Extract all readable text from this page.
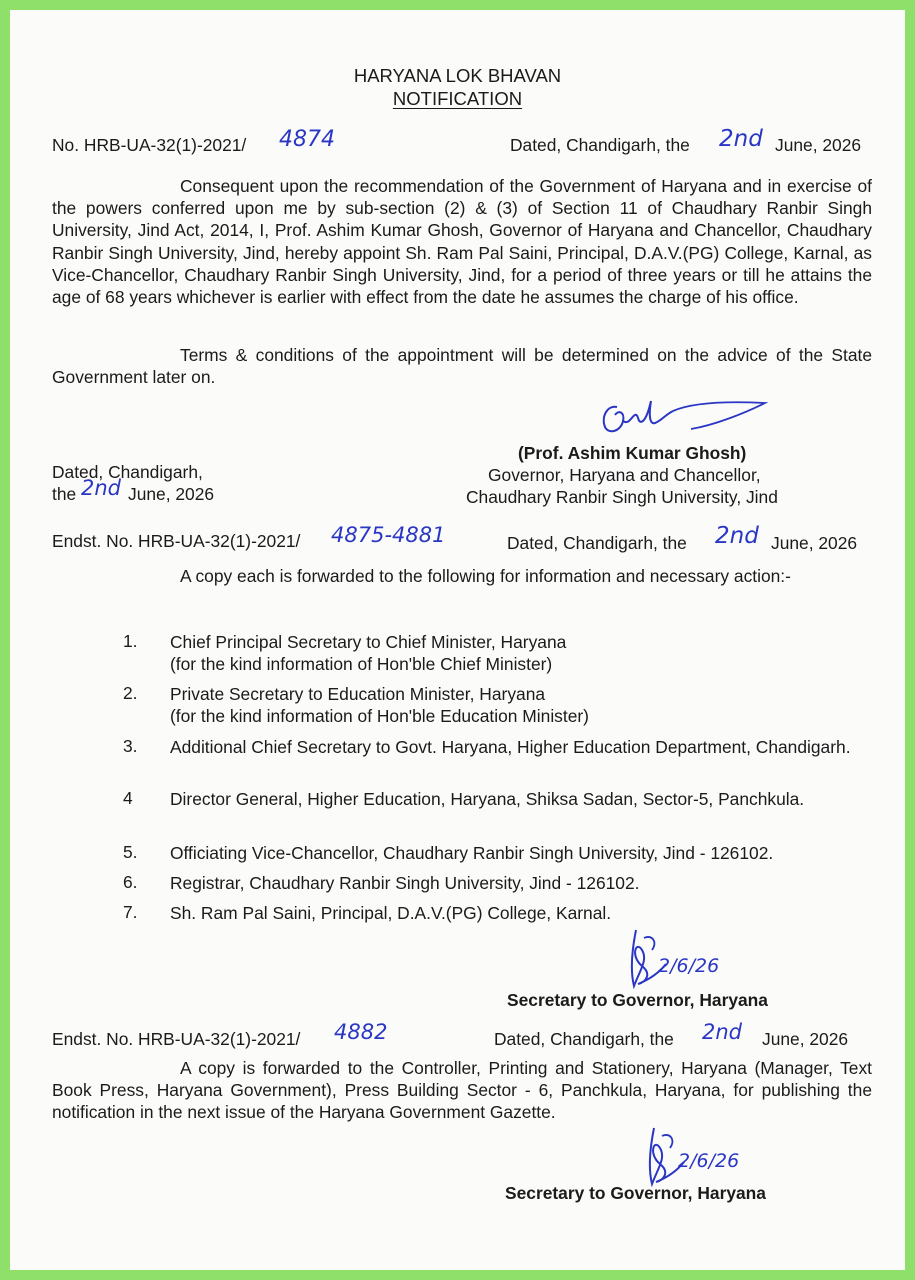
HARYANA LOK BHAVAN
NOTIFICATION
No. HRB-UA-32(1)-2021/ 4874	Dated, Chandigarh, the 2nd June, 2026
Consequent upon the recommendation of the Government of Haryana and in exercise of the powers conferred upon me by sub-section (2) & (3) of Section 11 of Chaudhary Ranbir Singh University, Jind Act, 2014, I, Prof. Ashim Kumar Ghosh, Governor of Haryana and Chancellor, Chaudhary Ranbir Singh University, Jind, hereby appoint Sh. Ram Pal Saini, Principal, D.A.V.(PG) College, Karnal, as Vice-Chancellor, Chaudhary Ranbir Singh University, Jind, for a period of three years or till he attains the age of 68 years whichever is earlier with effect from the date he assumes the charge of his office.
Terms & conditions of the appointment will be determined on the advice of the State Government later on.
(Prof. Ashim Kumar Ghosh)
Governor, Haryana and Chancellor,
Chaudhary Ranbir Singh University, Jind
Dated, Chandigarh,
the 2nd June, 2026
Endst. No. HRB-UA-32(1)-2021/ 4875-4881	Dated, Chandigarh, the 2nd June, 2026
A copy each is forwarded to the following for information and necessary action:-
1. Chief Principal Secretary to Chief Minister, Haryana
(for the kind information of Hon'ble Chief Minister)
2. Private Secretary to Education Minister, Haryana
(for the kind information of Hon'ble Education Minister)
3. Additional Chief Secretary to Govt. Haryana, Higher Education Department, Chandigarh.
4 Director General, Higher Education, Haryana, Shiksa Sadan, Sector-5, Panchkula.
5. Officiating Vice-Chancellor, Chaudhary Ranbir Singh University, Jind - 126102.
6. Registrar, Chaudhary Ranbir Singh University, Jind - 126102.
7. Sh. Ram Pal Saini, Principal, D.A.V.(PG) College, Karnal.
2/6/26
Secretary to Governor, Haryana
Endst. No. HRB-UA-32(1)-2021/ 4882	Dated, Chandigarh, the 2nd June, 2026
A copy is forwarded to the Controller, Printing and Stationery, Haryana (Manager, Text Book Press, Haryana Government), Press Building Sector - 6, Panchkula, Haryana, for publishing the notification in the next issue of the Haryana Government Gazette.
2/6/26
Secretary to Governor, Haryana
